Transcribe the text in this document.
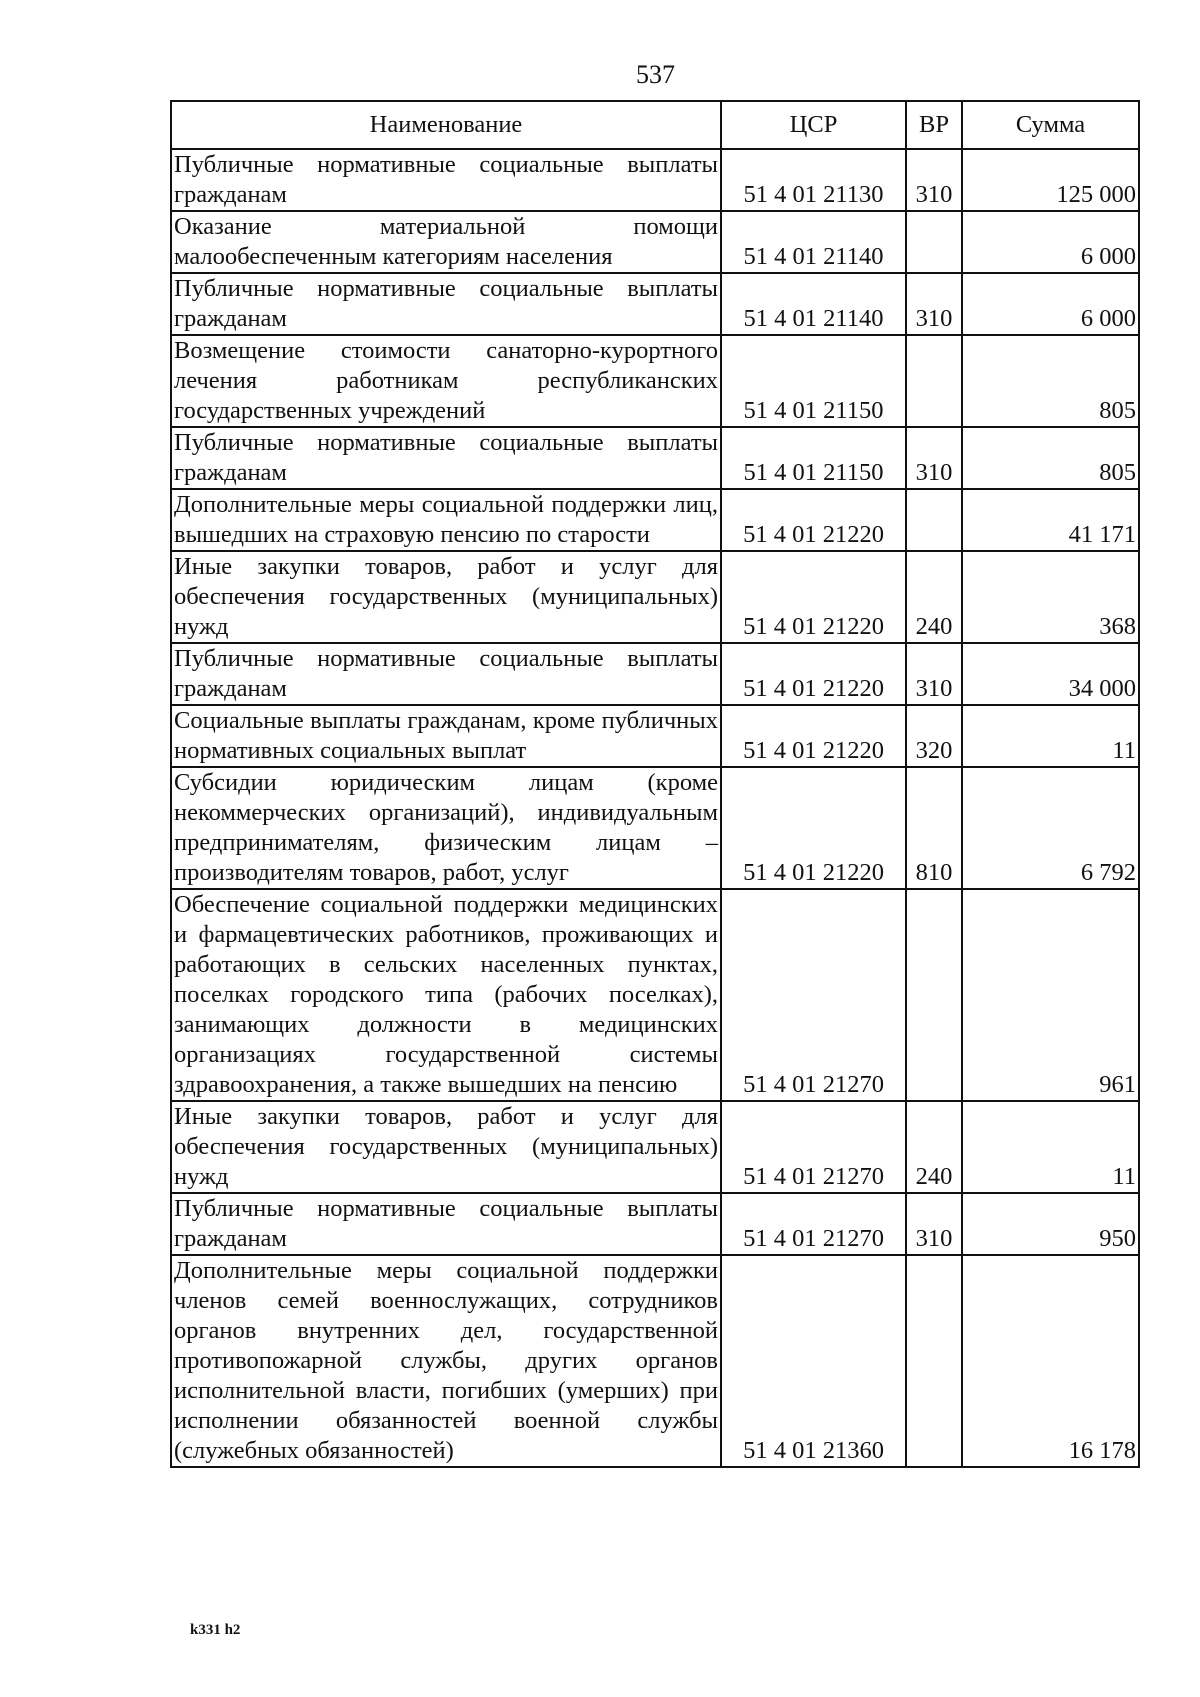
537
Наименование	ЦСР	ВР	Сумма
Публичные нормативные социальные выплаты гражданам	51 4 01 21130	310	125 000
Оказание материальной помощи малообеспеченным категориям населения	51 4 01 21140		6 000
Публичные нормативные социальные выплаты гражданам	51 4 01 21140	310	6 000
Возмещение стоимости санаторно-курортного лечения работникам республиканских государственных учреждений	51 4 01 21150		805
Публичные нормативные социальные выплаты гражданам	51 4 01 21150	310	805
Дополнительные меры социальной поддержки лиц, вышедших на страховую пенсию по старости	51 4 01 21220		41 171
Иные закупки товаров, работ и услуг для обеспечения государственных (муниципальных) нужд	51 4 01 21220	240	368
Публичные нормативные социальные выплаты гражданам	51 4 01 21220	310	34 000
Социальные выплаты гражданам, кроме публичных нормативных социальных выплат	51 4 01 21220	320	11
Субсидии юридическим лицам (кроме некоммерческих организаций), индивидуальным предпринимателям, физическим лицам – производителям товаров, работ, услуг	51 4 01 21220	810	6 792
Обеспечение социальной поддержки медицинских и фармацевтических работников, проживающих и работающих в сельских населенных пунктах, поселках городского типа (рабочих поселках), занимающих должности в медицинских организациях государственной системы здравоохранения, а также вышедших на пенсию	51 4 01 21270		961
Иные закупки товаров, работ и услуг для обеспечения государственных (муниципальных) нужд	51 4 01 21270	240	11
Публичные нормативные социальные выплаты гражданам	51 4 01 21270	310	950
Дополнительные меры социальной поддержки членов семей военнослужащих, сотрудников органов внутренних дел, государственной противопожарной службы, других органов исполнительной власти, погибших (умерших) при исполнении обязанностей военной службы (служебных обязанностей)	51 4 01 21360		16 178
k331 h2
